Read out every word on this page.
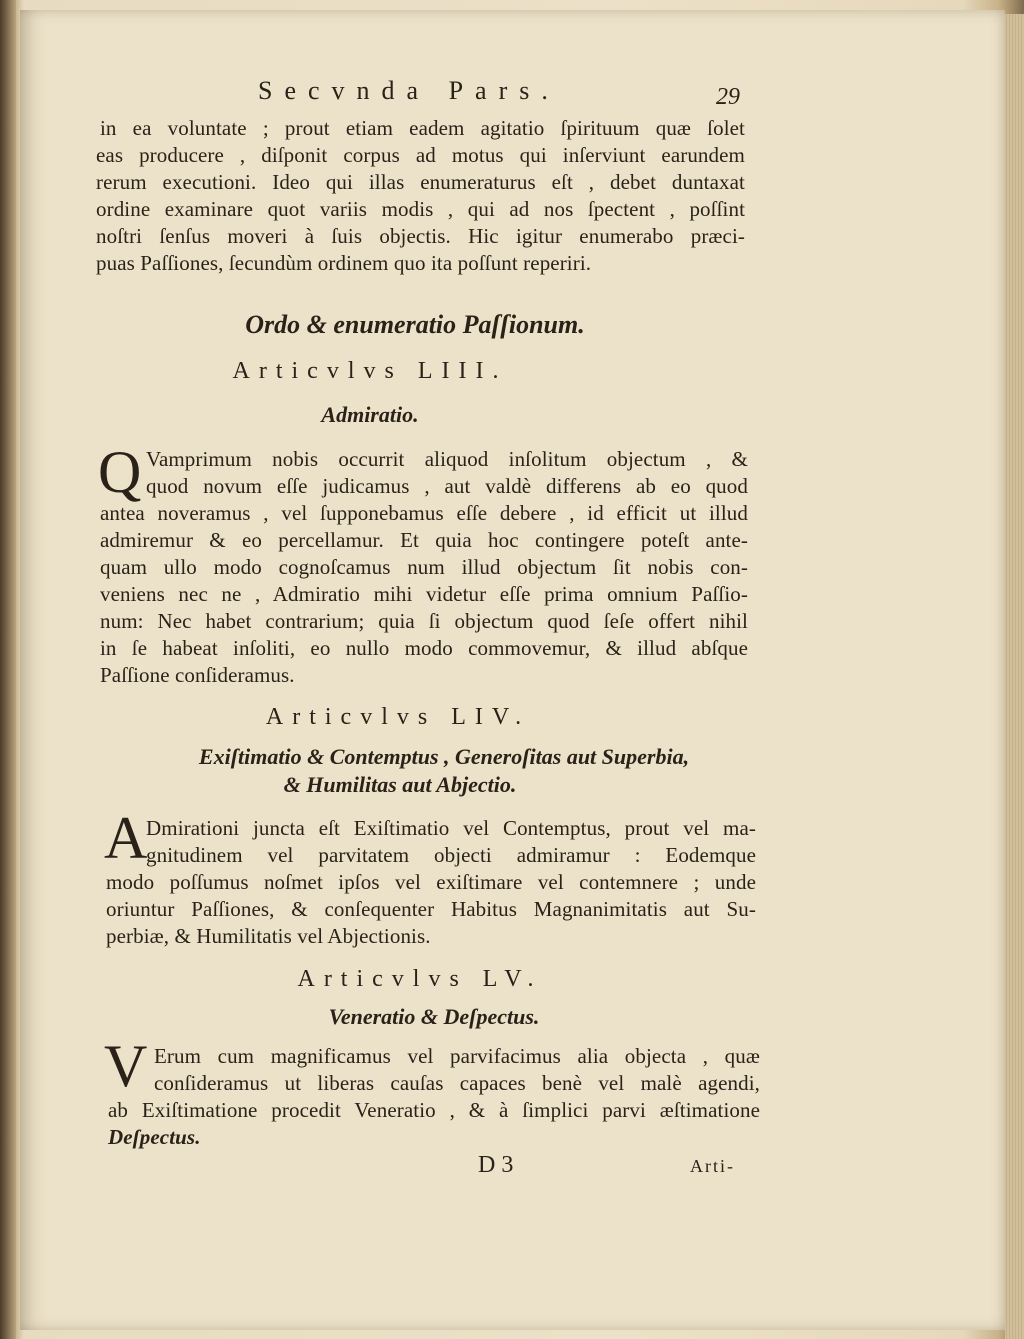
Secvnda Pars.	29
in ea voluntate ; prout etiam eadem agitatio ſpirituum quæ ſolet
eas producere , diſponit corpus ad motus qui inſerviunt earundem
rerum executioni. Ideo qui illas enumeraturus eſt , debet duntaxat
ordine examinare quot variis modis , qui ad nos ſpectent , poſſint
noſtri ſenſus moveri à ſuis objectis. Hic igitur enumerabo præci-
puas Paſſiones, ſecundùm ordinem quo ita poſſunt reperiri.
Ordo & enumeratio Paſſionum.
Articvlvs LIII.
Admiratio.
Q Vamprimum nobis occurrit aliquod inſolitum objectum , &
quod novum eſſe judicamus , aut valdè differens ab eo quod
antea noveramus , vel ſupponebamus eſſe debere , id efficit ut illud
admiremur & eo percellamur. Et quia hoc contingere poteſt ante-
quam ullo modo cognoſcamus num illud objectum ſit nobis con-
veniens nec ne , Admiratio mihi videtur eſſe prima omnium Paſſio-
num: Nec habet contrarium; quia ſi objectum quod ſeſe offert nihil
in ſe habeat inſoliti, eo nullo modo commovemur, & illud abſque
Paſſione conſideramus.
Articvlvs LIV.
Exiſtimatio & Contemptus , Generoſitas aut Superbia,
& Humilitas aut Abjectio.
A
Dmirationi juncta eſt Exiſtimatio vel Contemptus, prout vel ma-
gnitudinem vel parvitatem objecti admiramur : Eodemque
modo poſſumus noſmet ipſos vel exiſtimare vel contemnere ; unde
oriuntur Paſſiones, & conſequenter Habitus Magnanimitatis aut Su-
perbiæ, & Humilitatis vel Abjectionis.
Articvlvs LV.
Veneratio & Deſpectus.
V Erum cum magnificamus vel parvifacimus alia objecta , quæ
conſideramus ut liberas cauſas capaces benè vel malè agendi,
ab Exiſtimatione procedit Veneratio , & à ſimplici parvi æſtimatione
Deſpectus.
D 3	Arti-
